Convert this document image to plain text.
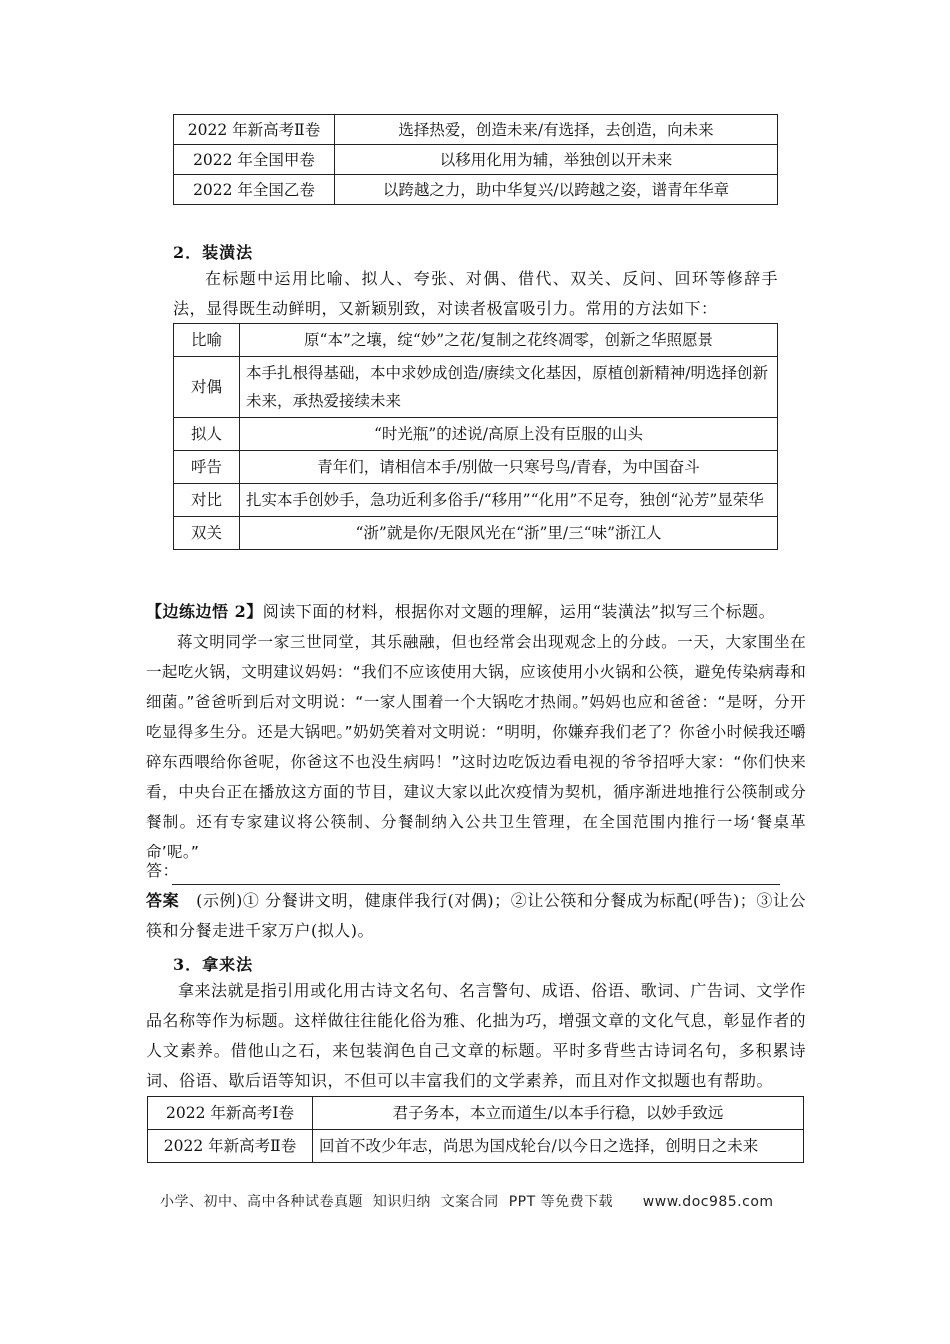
2022 年新高考Ⅱ卷	选择热爱，创造未来/有选择，去创造，向未来
2022 年全国甲卷	以移用化用为辅，举独创以开未来
2022 年全国乙卷	以跨越之力，助中华复兴/以跨越之姿，谱青年华章
2．装潢法
在标题中运用比喻、拟人、夸张、对偶、借代、双关、反问、回环等修辞手法，显得既生动鲜明，又新颖别致，对读者极富吸引力。常用的方法如下：
比喻	原“本”之壤，绽“妙”之花/复制之花终凋零，创新之华照愿景
对偶	本手扎根得基础，本中求妙成创造/赓续文化基因，原植创新精神/明选择创新未来，承热爱接续未来
拟人	“时光瓶”的述说/高原上没有臣服的山头
呼告	青年们，请相信本手/别做一只寒号鸟/青春，为中国奋斗
对比	扎实本手创妙手，急功近利多俗手/“移用”“化用”不足夸，独创“沁芳”显荣华
双关	“浙”就是你/无限风光在“浙”里/三“味”浙江人
【边练边悟 2】阅读下面的材料，根据你对文题的理解，运用“装潢法”拟写三个标题。
蒋文明同学一家三世同堂，其乐融融，但也经常会出现观念上的分歧。一天，大家围坐在一起吃火锅，文明建议妈妈：“我们不应该使用大锅，应该使用小火锅和公筷，避免传染病毒和细菌。”爸爸听到后对文明说：“一家人围着一个大锅吃才热闹。”妈妈也应和爸爸：“是呀，分开吃显得多生分。还是大锅吧。”奶奶笑着对文明说：“明明，你嫌弃我们老了？你爸小时候我还嚼碎东西喂给你爸呢，你爸这不也没生病吗！”这时边吃饭边看电视的爷爷招呼大家：“你们快来看，中央台正在播放这方面的节目，建议大家以此次疫情为契机，循序渐进地推行公筷制或分餐制。还有专家建议将公筷制、分餐制纳入公共卫生管理，在全国范围内推行一场‘餐桌革命’呢。”
答：
答案 (示例)① 分餐讲文明，健康伴我行(对偶)；②让公筷和分餐成为标配(呼告)；③让公筷和分餐走进千家万户(拟人)。
3．拿来法
拿来法就是指引用或化用古诗文名句、名言警句、成语、俗语、歌词、广告词、文学作品名称等作为标题。这样做往往能化俗为雅、化拙为巧，增强文章的文化气息，彰显作者的人文素养。借他山之石，来包装润色自己文章的标题。平时多背些古诗词名句，多积累诗词、俗语、歇后语等知识，不但可以丰富我们的文学素养，而且对作文拟题也有帮助。
2022 年新高考Ⅰ卷	君子务本，本立而道生/以本手行稳，以妙手致远
2022 年新高考Ⅱ卷	回首不改少年志，尚思为国戍轮台/以今日之选择，创明日之未来
小学、初中、高中各种试卷真题  知识归纳  文案合同  PPT 等免费下载      www.doc985.com
